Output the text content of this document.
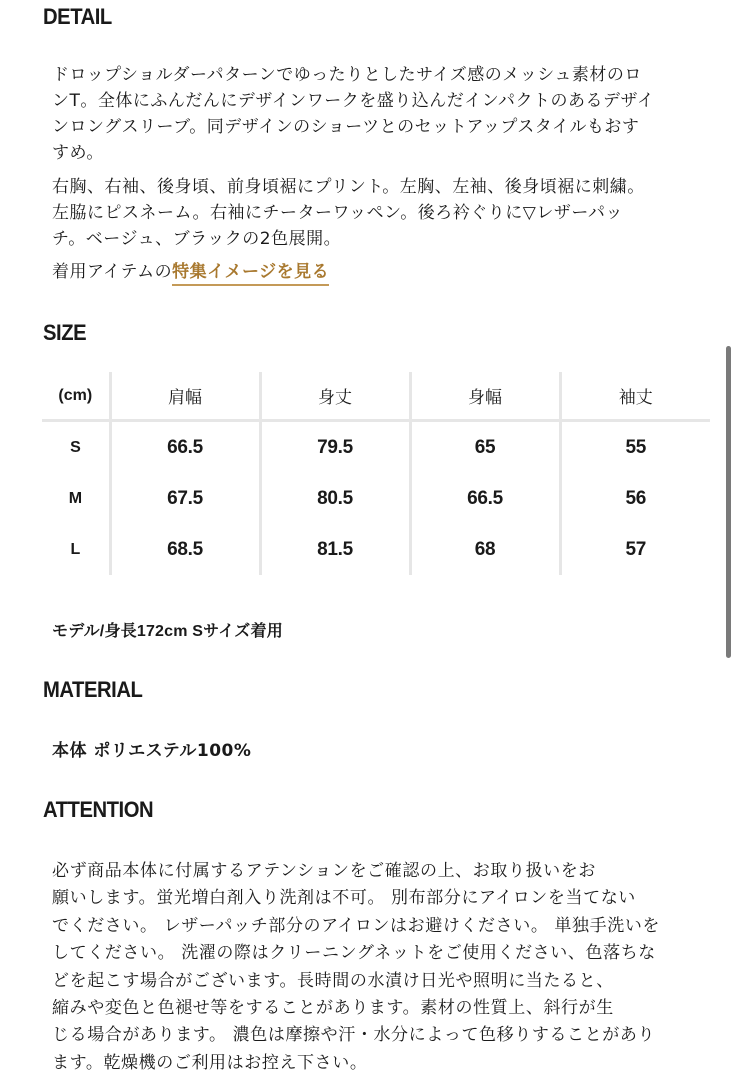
DETAIL

ドロップショルダーパターンでゆったりとしたサイズ感のメッシュ素材のロ
ンT。全体にふんだんにデザインワークを盛り込んだインパクトのあるデザイ
ンロングスリーブ。同デザインのショーツとのセットアップスタイルもおす
すめ。

右胸、右袖、後身頃、前身頃裾にプリント。左胸、左袖、後身頃裾に刺繍。
左脇にピスネーム。右袖にチーターワッペン。後ろ衿ぐりに▽レザーパッ
チ。ベージュ、ブラックの2色展開。

着用アイテムの特集イメージを見る

SIZE
(cm)	肩幅	身丈	身幅	袖丈
S	66.5	79.5	65	55
M	67.5	80.5	66.5	56
L	68.5	81.5	68	57

モデル/身長172cm Sサイズ着用

MATERIAL

本体 ポリエステル100%

ATTENTION

必ず商品本体に付属するアテンションをご確認の上、お取り扱いをお
願いします。蛍光増白剤入り洗剤は不可。 別布部分にアイロンを当てない
でください。 レザーパッチ部分のアイロンはお避けください。 単独手洗いを
してください。 洗濯の際はクリーニングネットをご使用ください、色落ちな
どを起こす場合がございます。長時間の水漬け日光や照明に当たると、
縮みや変色と色褪せ等をすることがあります。素材の性質上、斜行が生
じる場合があります。 濃色は摩擦や汗・水分によって色移りすることがあり
ます。乾燥機のご利用はお控え下さい。
